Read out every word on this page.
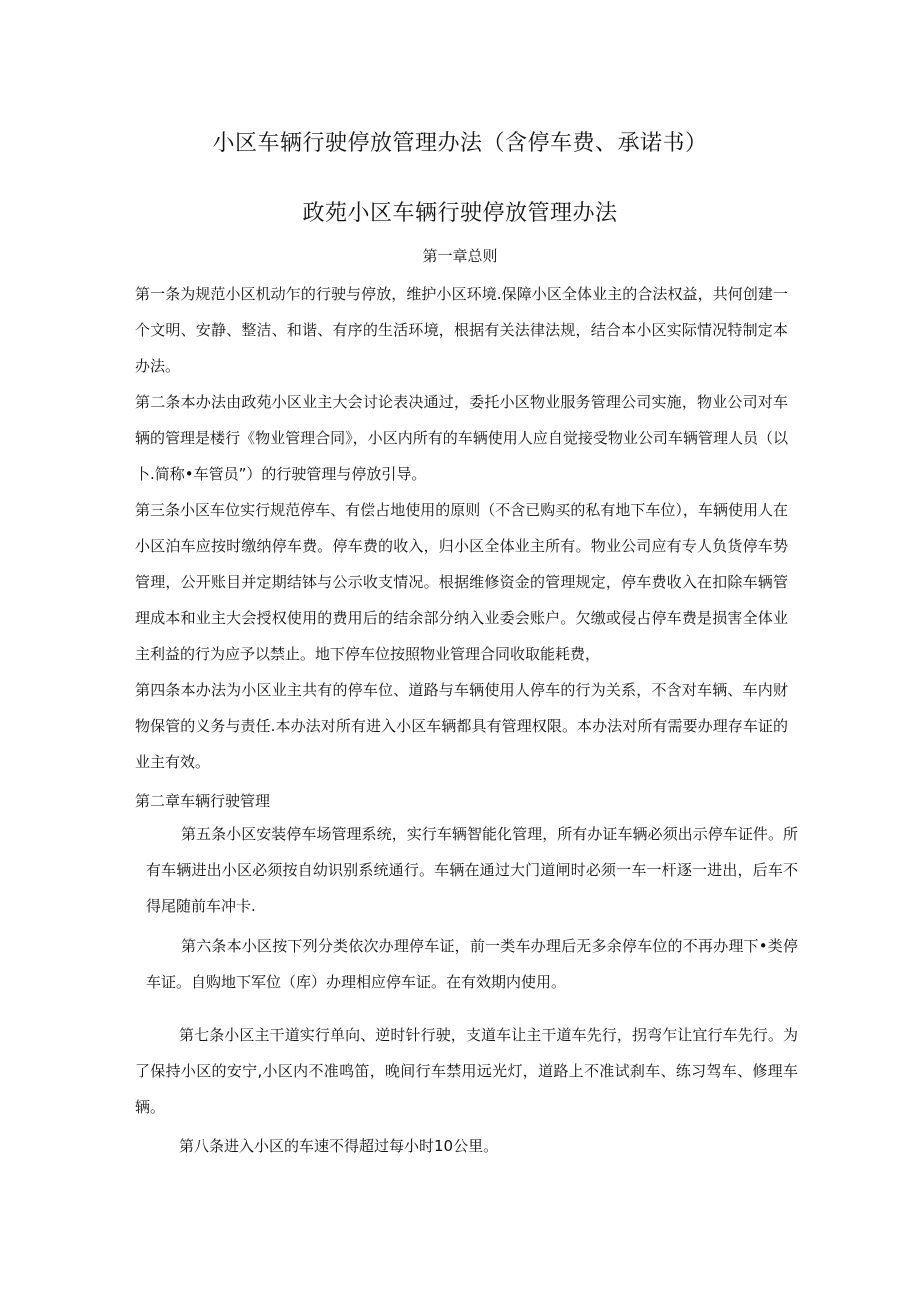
小区车辆行驶停放管理办法（含停车费、承诺书）
政苑小区车辆行驶停放管理办法
第一章总则

第一条为规范小区机动乍的行驶与停放，维护小区环境.保障小区全体业主的合法权益，共何创建一个文明、安静、整洁、和谐、有序的生活环境，根据有关法律法规，结合本小区实际情况特制定本办法。

第二条本办法由政苑小区业主大会讨论表决通过，委托小区物业服务管理公司实施，物业公司对车辆的管理是楼行《物业管理合同》，小区内所有的车辆使用人应自觉接受物业公司车辆管理人员（以卜.简称•车管员”）的行驶管理与停放引导。

第三条小区车位实行规范停车、有偿占地使用的原则（不含已购买的私有地下车位），车辆使用人在小区泊车应按时缴纳停车费。停车费的收入，归小区全体业主所有。物业公司应有专人负货停车势管理，公开账目并定期结钵与公示收支情况。根据维修资金的管理规定，停车费收入在扣除车辆管理成本和业主大会授权使用的费用后的结余部分纳入业委会账户。欠缴或侵占停车费是损害全体业主利益的行为应予以禁止。地下停车位按照物业管理合同收取能耗费，

第四条本办法为小区业主共有的停车位、道路与车辆使用人停车的行为关系，不含对车辆、车内财物保管的义务与责任.本办法对所有进入小区车辆都具有管理权限。本办法对所有需要办理存车证的业主有效。

第二章车辆行驶管理

第五条小区安装停车场管理系统，实行车辆智能化管理，所有办证车辆必须出示停车证件。所有车辆进出小区必须按自幼识别系统通行。车辆在通过大门道闸时必须一车一杆逐一进出，后车不得尾随前车冲卡.

第六条本小区按下列分类依次办理停车证，前一类车办理后无多余停车位的不再办理下•类停车证。自购地下军位（库）办理相应停车证。在有效期内使用。

第七条小区主干道实行单向、逆时针行驶，支道车让主干道车先行，拐弯乍让宜行车先行。为了保持小区的安宁,小区内不准鸣笛，晚间行车禁用远光灯，道路上不准试刹车、练习驾车、修理车辆。

第八条进入小区的车速不得超过每小时10公里。
